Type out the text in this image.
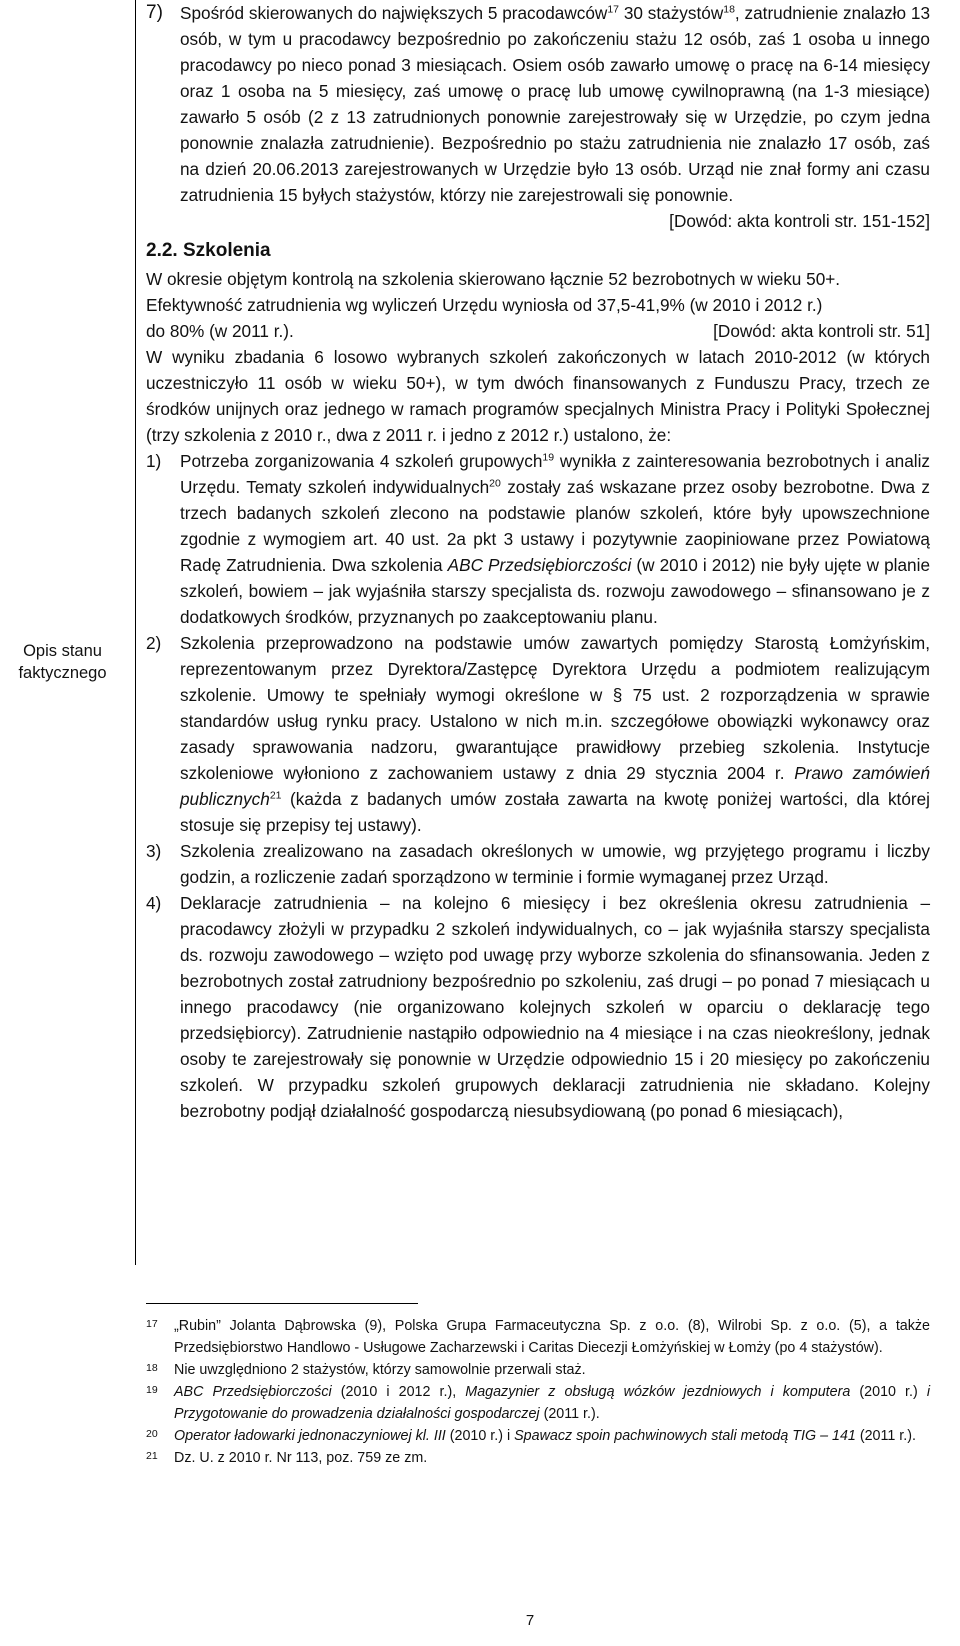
Opis stanu
faktycznego

7) Spośród skierowanych do największych 5 pracodawców$^{17}$ 30 stażystów$^{18}$, zatrudnienie znalazło 13 osób, w tym u pracodawcy bezpośrednio po zakończeniu stażu 12 osób, zaś 1 osoba u innego pracodawcy po nieco ponad 3 miesiącach. Osiem osób zawarło umowę o pracę na 6-14 miesięcy oraz 1 osoba na 5 miesięcy, zaś umowę o pracę lub umowę cywilnoprawną (na 1-3 miesiące) zawarło 5 osób (2 z 13 zatrudnionych ponownie zarejestrowały się w Urzędzie, po czym jedna ponownie znalazła zatrudnienie). Bezpośrednio po stażu zatrudnienia nie znalazło 17 osób, zaś na dzień 20.06.2013 zarejestrowanych w Urzędzie było 13 osób. Urząd nie znał formy ani czasu zatrudnienia 15 byłych stażystów, którzy nie zarejestrowali się ponownie.

[Dowód: akta kontroli str. 151-152]

2.2. Szkolenia

W okresie objętym kontrolą na szkolenia skierowano łącznie 52 bezrobotnych w wieku 50+.

Efektywność zatrudnienia wg wyliczeń Urzędu wyniosła od 37,5-41,9% (w 2010 i 2012 r.)

do 80% (w 2011 r.).	[Dowód: akta kontroli str. 51]

W wyniku zbadania 6 losowo wybranych szkoleń zakończonych w latach 2010-2012 (w których uczestniczyło 11 osób w wieku 50+), w tym dwóch finansowanych z Funduszu Pracy, trzech ze środków unijnych oraz jednego w ramach programów specjalnych Ministra Pracy i Polityki Społecznej (trzy szkolenia z 2010 r., dwa z 2011 r. i jedno z 2012 r.) ustalono, że:

1) Potrzeba zorganizowania 4 szkoleń grupowych$^{19}$ wynikła z zainteresowania bezrobotnych i analiz Urzędu. Tematy szkoleń indywidualnych$^{20}$ zostały zaś wskazane przez osoby bezrobotne. Dwa z trzech badanych szkoleń zlecono na podstawie planów szkoleń, które były upowszechnione zgodnie z wymogiem art. 40 ust. 2a pkt 3 ustawy i pozytywnie zaopiniowane przez Powiatową Radę Zatrudnienia. Dwa szkolenia ABC Przedsiębiorczości (w 2010 i 2012) nie były ujęte w planie szkoleń, bowiem – jak wyjaśniła starszy specjalista ds. rozwoju zawodowego – sfinansowano je z dodatkowych środków, przyznanych po zaakceptowaniu planu.

2) Szkolenia przeprowadzono na podstawie umów zawartych pomiędzy Starostą Łomżyńskim, reprezentowanym przez Dyrektora/Zastępcę Dyrektora Urzędu a podmiotem realizującym szkolenie. Umowy te spełniały wymogi określone w § 75 ust. 2 rozporządzenia w sprawie standardów usług rynku pracy. Ustalono w nich m.in. szczegółowe obowiązki wykonawcy oraz zasady sprawowania nadzoru, gwarantujące prawidłowy przebieg szkolenia. Instytucje szkoleniowe wyłoniono z zachowaniem ustawy z dnia 29 stycznia 2004 r. Prawo zamówień publicznych$^{21}$ (każda z badanych umów została zawarta na kwotę poniżej wartości, dla której stosuje się przepisy tej ustawy).

3) Szkolenia zrealizowano na zasadach określonych w umowie, wg przyjętego programu i liczby godzin, a rozliczenie zadań sporządzono w terminie i formie wymaganej przez Urząd.

4) Deklaracje zatrudnienia – na kolejno 6 miesięcy i bez określenia okresu zatrudnienia – pracodawcy złożyli w przypadku 2 szkoleń indywidualnych, co – jak wyjaśniła starszy specjalista ds. rozwoju zawodowego – wzięto pod uwagę przy wyborze szkolenia do sfinansowania. Jeden z bezrobotnych został zatrudniony bezpośrednio po szkoleniu, zaś drugi – po ponad 7 miesiącach u innego pracodawcy (nie organizowano kolejnych szkoleń w oparciu o deklarację tego przedsiębiorcy). Zatrudnienie nastąpiło odpowiednio na 4 miesiące i na czas nieokreślony, jednak osoby te zarejestrowały się ponownie w Urzędzie odpowiednio 15 i 20 miesięcy po zakończeniu szkoleń. W przypadku szkoleń grupowych deklaracji zatrudnienia nie składano. Kolejny bezrobotny podjął działalność gospodarczą niesubsydiowaną (po ponad 6 miesiącach),

17 „Rubin” Jolanta Dąbrowska (9), Polska Grupa Farmaceutyczna Sp. z o.o. (8), Wilrobi Sp. z o.o. (5), a także Przedsiębiorstwo Handlowo - Usługowe Zacharzewski i Caritas Diecezji Łomżyńskiej w Łomży (po 4 stażystów).

18 Nie uwzględniono 2 stażystów, którzy samowolnie przerwali staż.

19 ABC Przedsiębiorczości (2010 i 2012 r.), Magazynier z obsługą wózków jezdniowych i komputera (2010 r.) i Przygotowanie do prowadzenia działalności gospodarczej (2011 r.).

20 Operator ładowarki jednonaczyniowej kl. III (2010 r.) i Spawacz spoin pachwinowych stali metodą TIG – 141 (2011 r.).

21 Dz. U. z 2010 r. Nr 113, poz. 759 ze zm.

7
